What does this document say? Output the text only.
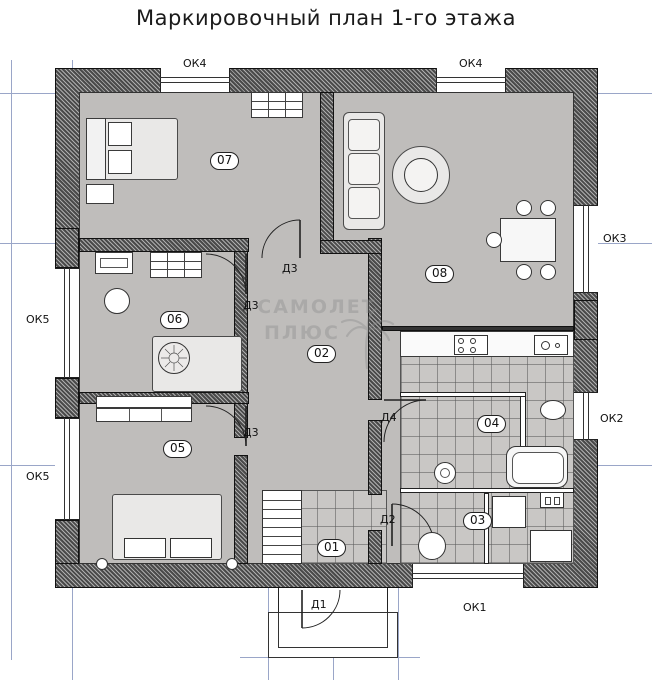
Маркировочный план 1-го этажа
САМОЛЕТ
ПЛЮС
07
08
06
02
05
04
03
01
Д3
Д3
Д3
Д4
Д2
Д1
ОК4	ОК4
ОК3
ОК2
ОК1
ОК5
ОК5
